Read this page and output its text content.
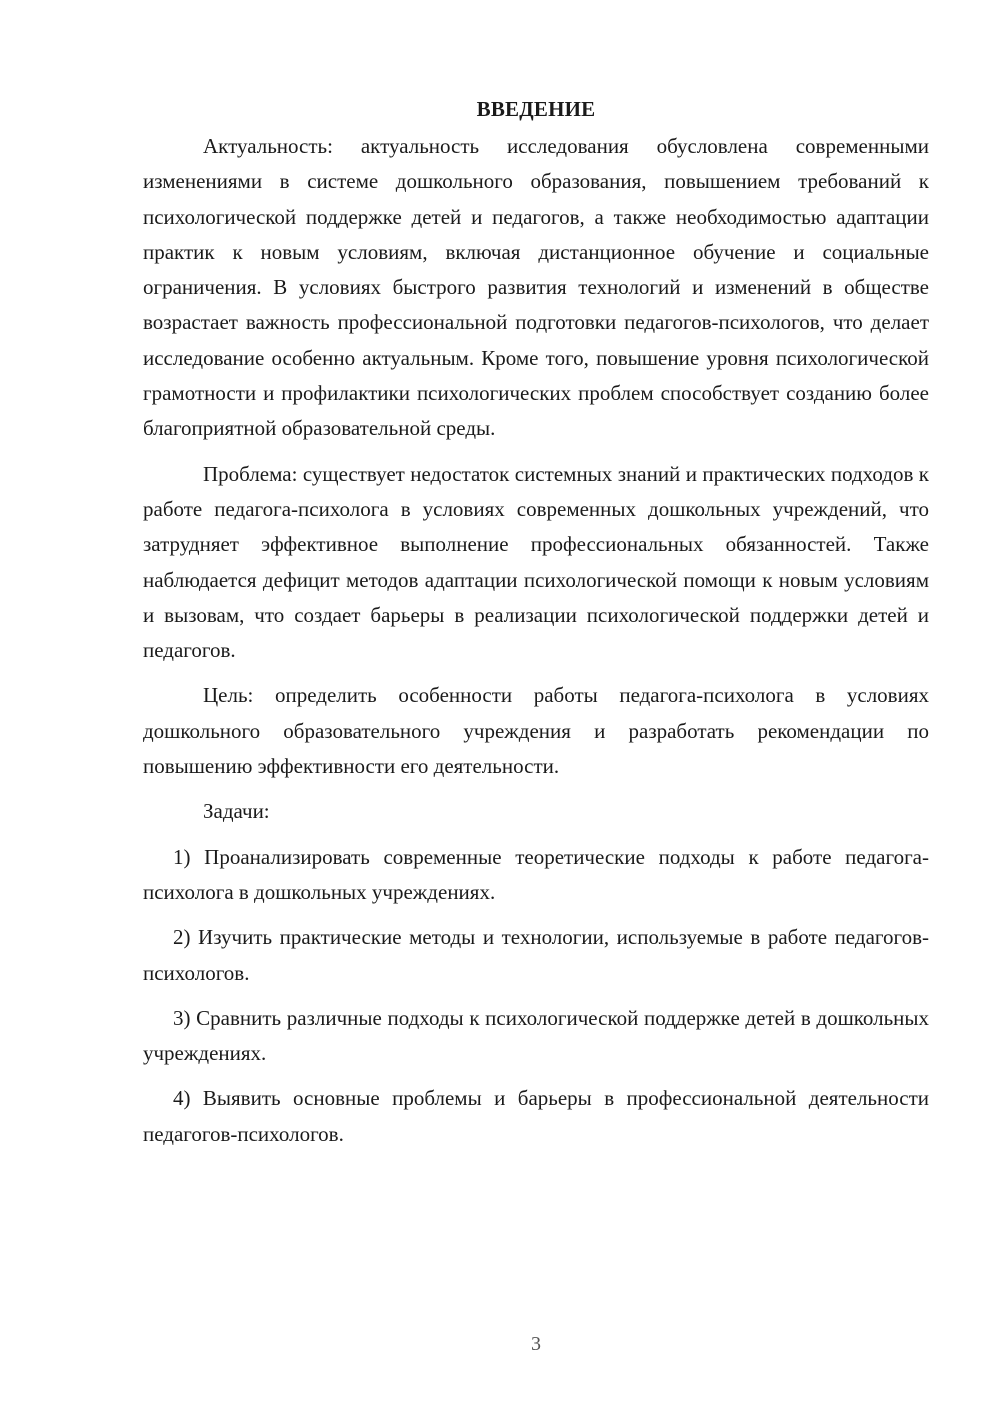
ВВЕДЕНИЕ

Актуальность: актуальность исследования обусловлена современными изменениями в системе дошкольного образования, повышением требований к психологической поддержке детей и педагогов, а также необходимостью адаптации практик к новым условиям, включая дистанционное обучение и социальные ограничения. В условиях быстрого развития технологий и изменений в обществе возрастает важность профессиональной подготовки педагогов-психологов, что делает исследование особенно актуальным. Кроме того, повышение уровня психологической грамотности и профилактики психологических проблем способствует созданию более благоприятной образовательной среды.

Проблема: существует недостаток системных знаний и практических подходов к работе педагога-психолога в условиях современных дошкольных учреждений, что затрудняет эффективное выполнение профессиональных обязанностей. Также наблюдается дефицит методов адаптации психологической помощи к новым условиям и вызовам, что создает барьеры в реализации психологической поддержки детей и педагогов.

Цель: определить особенности работы педагога-психолога в условиях дошкольного образовательного учреждения и разработать рекомендации по повышению эффективности его деятельности.

Задачи:

1) Проанализировать современные теоретические подходы к работе педагога-психолога в дошкольных учреждениях.

2) Изучить практические методы и технологии, используемые в работе педагогов-психологов.

3) Сравнить различные подходы к психологической поддержке детей в дошкольных учреждениях.

4) Выявить основные проблемы и барьеры в профессиональной деятельности педагогов-психологов.

3
